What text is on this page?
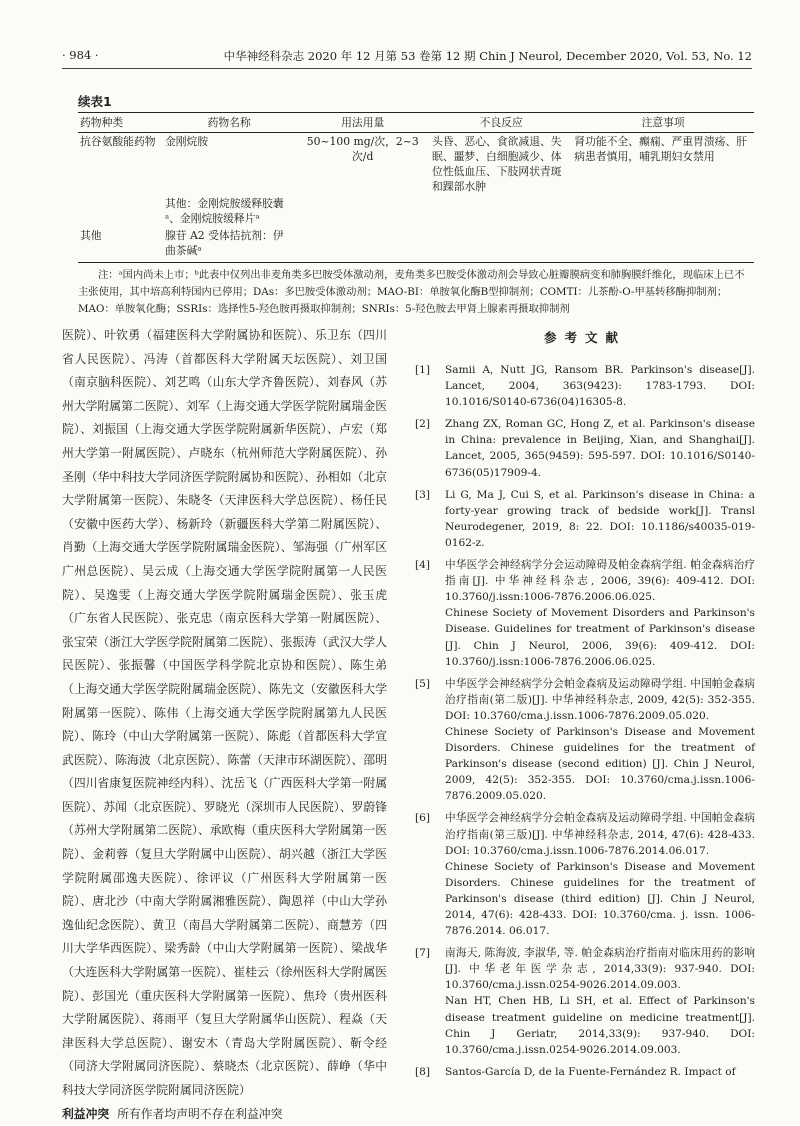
· 984 ·	中华神经科杂志 2020 年 12 月第 53 卷第 12 期 Chin J Neurol, December 2020, Vol. 53, No. 12
续表1
药物种类	药物名称	用法用量	不良反应	注意事项
抗谷氨酸能药物	金刚烷胺	50~100 mg/次，2~3次/d	头昏、恶心、食欲减退、失眠、噩梦、白细胞减少、体位性低血压、下肢网状青斑和踝部水肿	肾功能不全、癫痫、严重胃溃疡、肝病患者慎用，哺乳期妇女禁用
	其他：金刚烷胺缓释胶囊ᵃ、金刚烷胺缓释片ᵃ			
其他	腺苷 A2 受体拮抗剂：伊曲茶碱ᵃ			
注：ᵃ国内尚未上市；ᵇ此表中仅列出非麦角类多巴胺受体激动剂，麦角类多巴胺受体激动剂会导致心脏瓣膜病变和肺胸膜纤维化，现临床上已不主张使用，其中培高利特国内已停用；DAs：多巴胺受体激动剂；MAO-BI：单胺氧化酶B型抑制剂；COMTI：儿茶酚-O-甲基转移酶抑制剂；MAO：单胺氧化酶；SSRIs：选择性5-羟色胺再摄取抑制剂；SNRIs：5-羟色胺去甲肾上腺素再摄取抑制剂
医院）、叶钦勇（福建医科大学附属协和医院）、乐卫东（四川省人民医院）、冯涛（首都医科大学附属天坛医院）、刘卫国（南京脑科医院）、刘艺鸣（山东大学齐鲁医院）、刘春风（苏州大学附属第二医院）、刘军（上海交通大学医学院附属瑞金医院）、刘振国（上海交通大学医学院附属新华医院）、卢宏（郑州大学第一附属医院）、卢晓东（杭州师范大学附属医院）、孙圣刚（华中科技大学同济医学院附属协和医院）、孙相如（北京大学附属第一医院）、朱晓冬（天津医科大学总医院）、杨任民（安徽中医药大学）、杨新玲（新疆医科大学第二附属医院）、肖勤（上海交通大学医学院附属瑞金医院）、邹海强（广州军区广州总医院）、吴云成（上海交通大学医学院附属第一人民医院）、吴逸雯（上海交通大学医学院附属瑞金医院）、张玉虎（广东省人民医院）、张克忠（南京医科大学第一附属医院）、张宝荣（浙江大学医学院附属第二医院）、张振涛（武汉大学人民医院）、张振馨（中国医学科学院北京协和医院）、陈生弟（上海交通大学医学院附属瑞金医院）、陈先文（安徽医科大学附属第一医院）、陈伟（上海交通大学医学院附属第九人民医院）、陈玲（中山大学附属第一医院）、陈彪（首都医科大学宣武医院）、陈海波（北京医院）、陈蕾（天津市环湖医院）、邵明（四川省康复医院神经内科）、沈岳飞（广西医科大学第一附属医院）、苏闻（北京医院）、罗晓光（深圳市人民医院）、罗蔚锋（苏州大学附属第二医院）、承欧梅（重庆医科大学附属第一医院）、金莉蓉（复旦大学附属中山医院）、胡兴越（浙江大学医学院附属邵逸夫医院）、徐评议（广州医科大学附属第一医院）、唐北沙（中南大学附属湘雅医院）、陶恩祥（中山大学孙逸仙纪念医院）、黄卫（南昌大学附属第二医院）、商慧芳（四川大学华西医院）、梁秀龄（中山大学附属第一医院）、梁战华（大连医科大学附属第一医院）、崔桂云（徐州医科大学附属医院）、彭国光（重庆医科大学附属第一医院）、焦玲（贵州医科大学附属医院）、蒋雨平（复旦大学附属华山医院）、程焱（天津医科大学总医院）、谢安木（青岛大学附属医院）、靳令经（同济大学附属同济医院）、蔡晓杰（北京医院）、薛峥（华中科技大学同济医学院附属同济医院）
利益冲突 所有作者均声明不存在利益冲突
参考文献
[1] Samii A, Nutt JG, Ransom BR. Parkinson's disease[J]. Lancet, 2004, 363(9423): 1783-1793. DOI: 10.1016/S0140-6736(04)16305-8.
[2] Zhang ZX, Roman GC, Hong Z, et al. Parkinson's disease in China: prevalence in Beijing, Xian, and Shanghai[J]. Lancet, 2005, 365(9459): 595-597. DOI: 10.1016/S0140-6736(05)17909-4.
[3] Li G, Ma J, Cui S, et al. Parkinson's disease in China: a forty-year growing track of bedside work[J]. Transl Neurodegener, 2019, 8: 22. DOI: 10.1186/s40035-019-0162-z.
[4] 中华医学会神经病学分会运动障碍及帕金森病学组. 帕金森病治疗指南[J]. 中华神经科杂志, 2006, 39(6): 409-412. DOI: 10.3760/j.issn:1006-7876.2006.06.025.
Chinese Society of Movement Disorders and Parkinson's Disease. Guidelines for treatment of Parkinson's disease [J]. Chin J Neurol, 2006, 39(6): 409-412. DOI: 10.3760/j.issn:1006-7876.2006.06.025.
[5] 中华医学会神经病学分会帕金森病及运动障碍学组. 中国帕金森病治疗指南(第二版)[J]. 中华神经科杂志, 2009, 42(5): 352-355. DOI: 10.3760/cma.j.issn.1006-7876.2009.05.020.
Chinese Society of Parkinson's Disease and Movement Disorders. Chinese guidelines for the treatment of Parkinson's disease (second edition) [J]. Chin J Neurol, 2009, 42(5): 352-355. DOI: 10.3760/cma.j.issn.1006-7876.2009.05.020.
[6] 中华医学会神经病学分会帕金森病及运动障碍学组. 中国帕金森病治疗指南(第三版)[J]. 中华神经科杂志, 2014, 47(6): 428-433. DOI: 10.3760/cma.j.issn.1006-7876.2014.06.017.
Chinese Society of Parkinson's Disease and Movement Disorders. Chinese guidelines for the treatment of Parkinson's disease (third edition) [J]. Chin J Neurol, 2014, 47(6): 428-433. DOI: 10.3760/cma. j. issn. 1006-7876.2014. 06.017.
[7] 南海天, 陈海波, 李淑华, 等. 帕金森病治疗指南对临床用药的影响[J]. 中华老年医学杂志, 2014,33(9): 937-940. DOI: 10.3760/cma.j.issn.0254-9026.2014.09.003.
Nan HT, Chen HB, Li SH, et al. Effect of Parkinson's disease treatment guideline on medicine treatment[J]. Chin J Geriatr, 2014,33(9): 937-940. DOI: 10.3760/cma.j.issn.0254-9026.2014.09.003.
[8] Santos-García D, de la Fuente-Fernández R. Impact of
